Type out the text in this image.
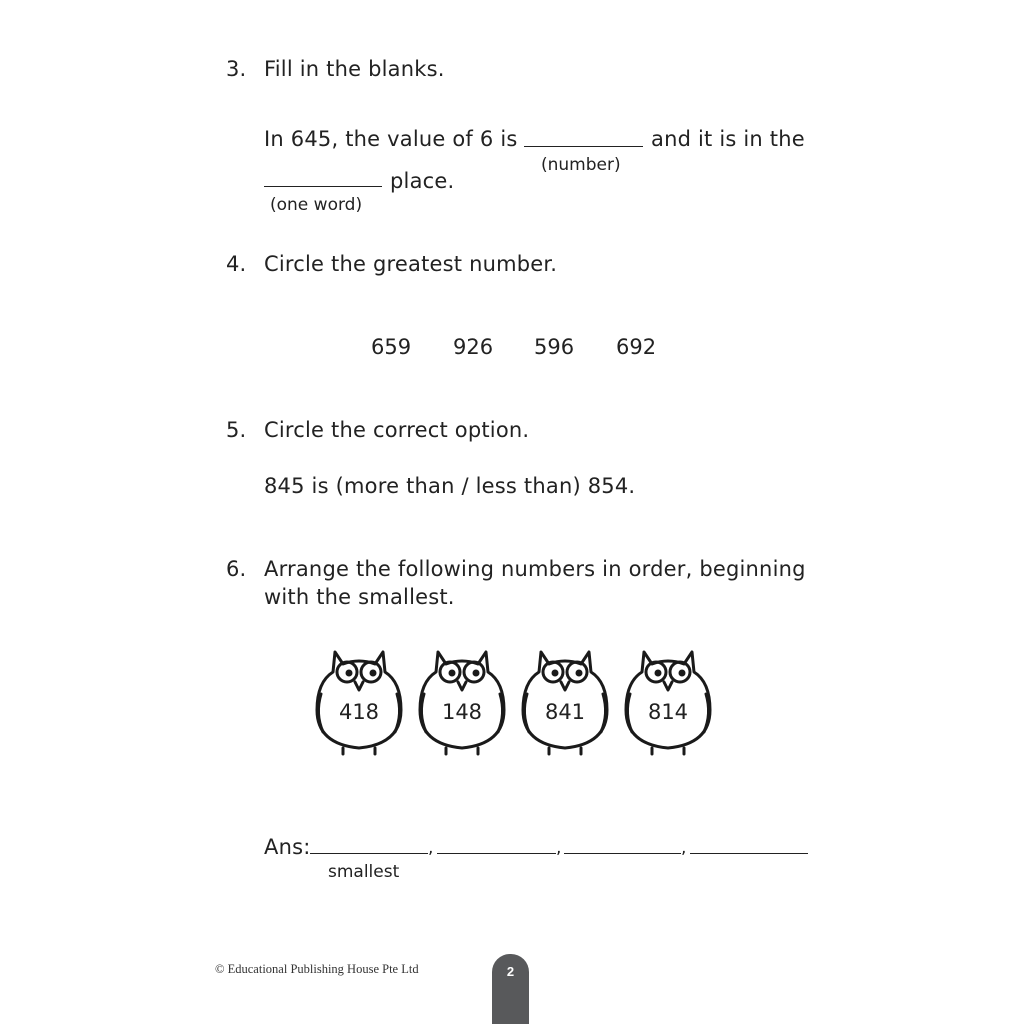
3. Fill in the blanks.
In 645, the value of 6 is	and it is in the
(number)
place.
(one word)
4. Circle the greatest number.
659 926 596 692
5. Circle the correct option.
845 is (more than / less than) 854.
6. Arrange the following numbers in order, beginning
with the smallest.
418	148	841	814
Ans:	,	,	,
smallest
© Educational Publishing House Pte Ltd	2
